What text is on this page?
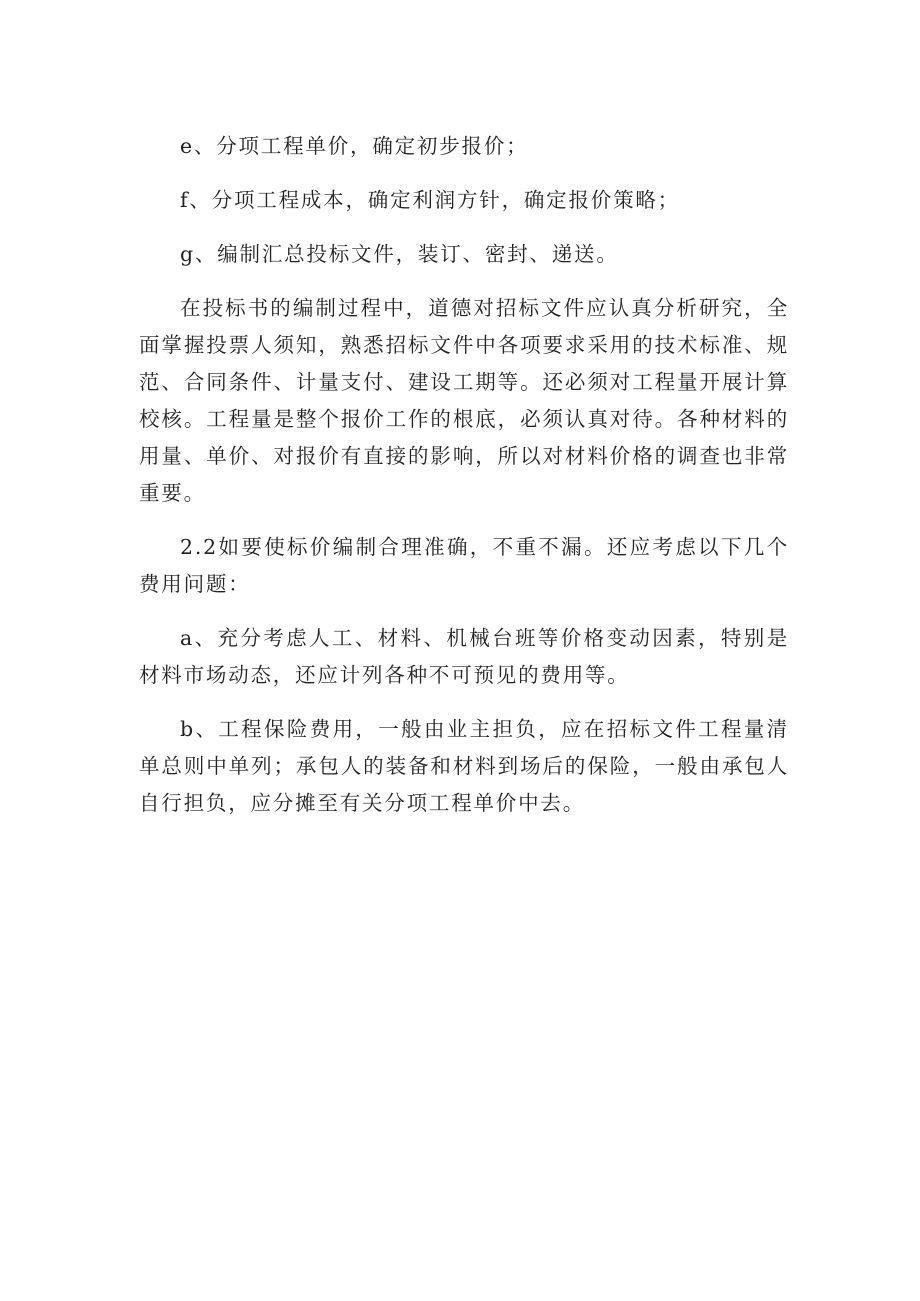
e、分项工程单价，确定初步报价；

f、分项工程成本，确定利润方针，确定报价策略；

g、编制汇总投标文件，装订、密封、递送。

在投标书的编制过程中，道德对招标文件应认真分析研究，全面掌握投票人须知，熟悉招标文件中各项要求采用的技术标准、规范、合同条件、计量支付、建设工期等。还必须对工程量开展计算校核。工程量是整个报价工作的根底，必须认真对待。各种材料的用量、单价、对报价有直接的影响，所以对材料价格的调查也非常重要。

2.2如要使标价编制合理准确，不重不漏。还应考虑以下几个费用问题：

a、充分考虑人工、材料、机械台班等价格变动因素，特别是材料市场动态，还应计列各种不可预见的费用等。

b、工程保险费用，一般由业主担负，应在招标文件工程量清单总则中单列；承包人的装备和材料到场后的保险，一般由承包人自行担负，应分摊至有关分项工程单价中去。
